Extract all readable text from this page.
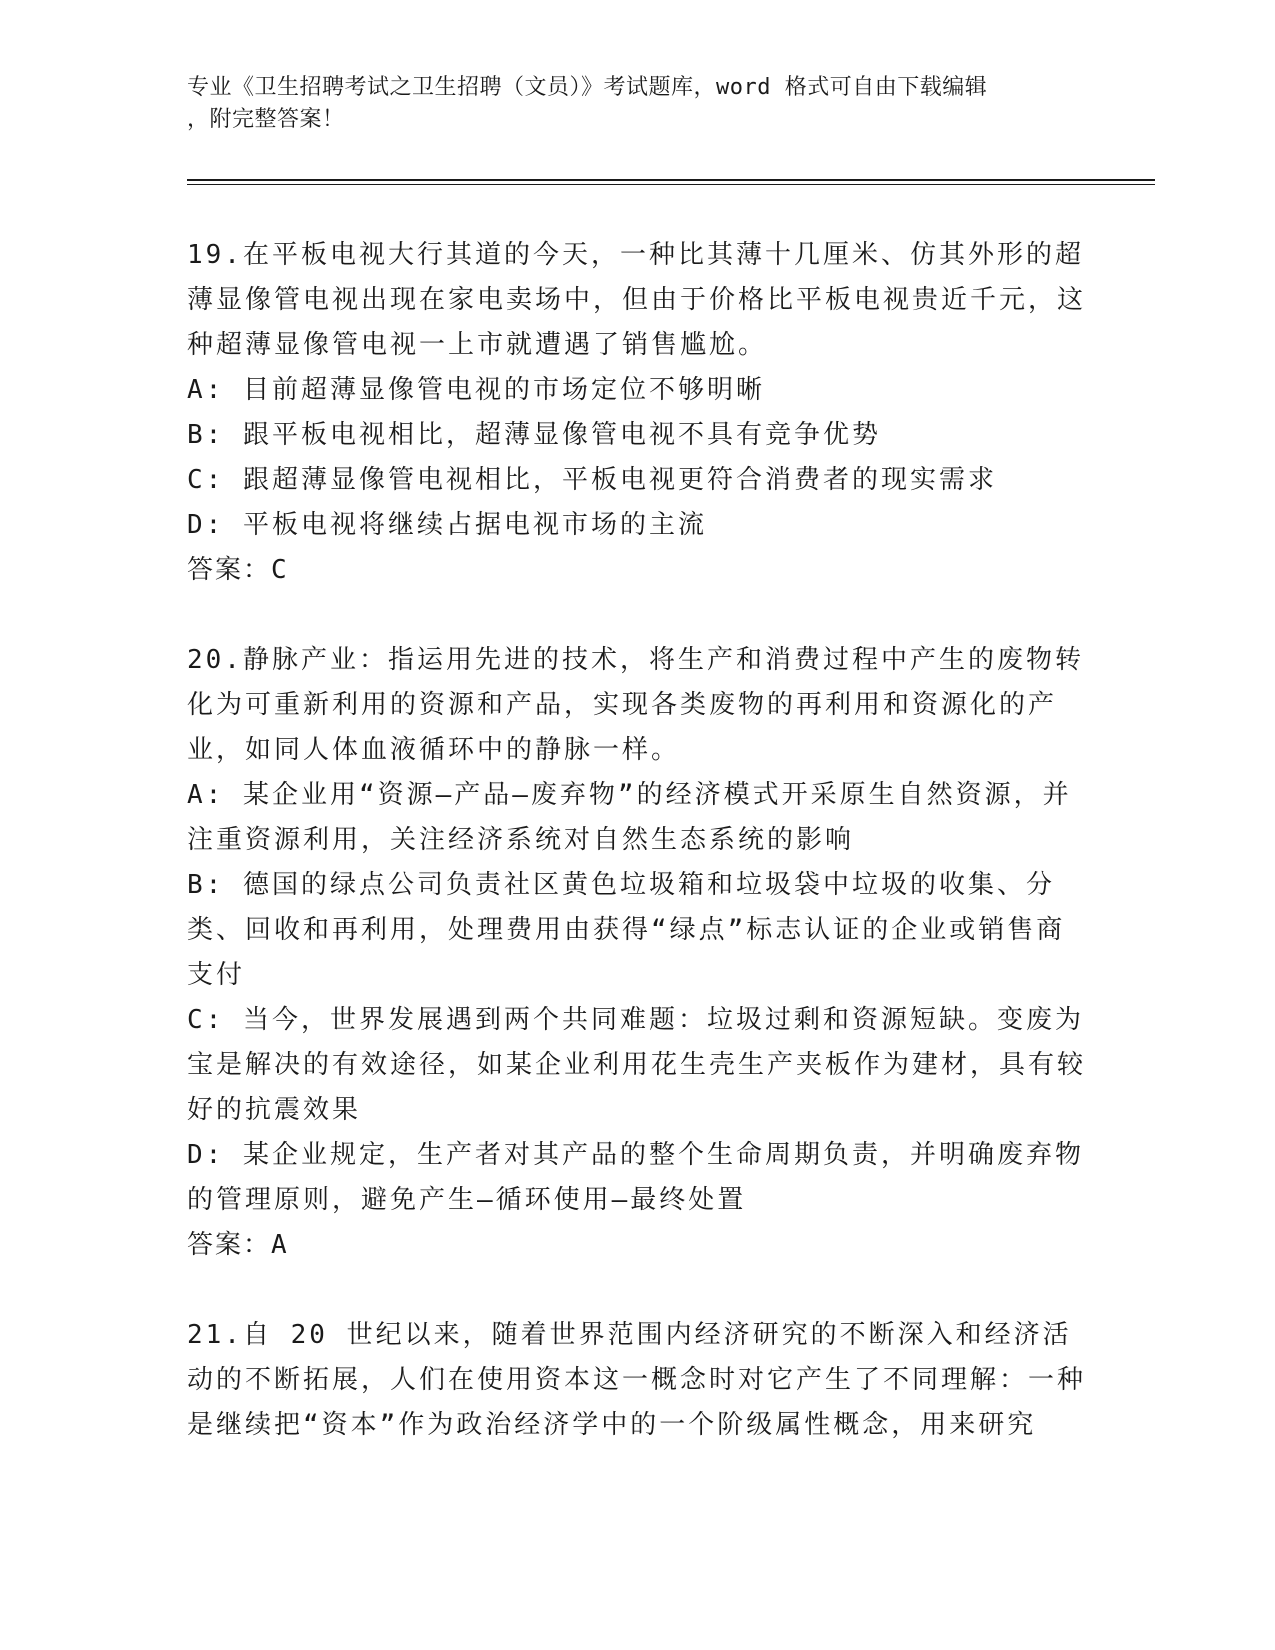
专业《卫生招聘考试之卫生招聘（文员）》考试题库，word 格式可自由下载编辑
，附完整答案！

19.在平板电视大行其道的今天，一种比其薄十几厘米、仿其外形的超薄显像管电视出现在家电卖场中，但由于价格比平板电视贵近千元，这种超薄显像管电视一上市就遭遇了销售尴尬。

A: 目前超薄显像管电视的市场定位不够明晰

B: 跟平板电视相比，超薄显像管电视不具有竞争优势

C: 跟超薄显像管电视相比，平板电视更符合消费者的现实需求

D: 平板电视将继续占据电视市场的主流

答案：C

20.静脉产业：指运用先进的技术，将生产和消费过程中产生的废物转化为可重新利用的资源和产品，实现各类废物的再利用和资源化的产业，如同人体血液循环中的静脉一样。

A: 某企业用“资源—产品—废弃物”的经济模式开采原生自然资源，并注重资源利用，关注经济系统对自然生态系统的影响

B: 德国的绿点公司负责社区黄色垃圾箱和垃圾袋中垃圾的收集、分类、回收和再利用，处理费用由获得“绿点”标志认证的企业或销售商支付

C: 当今，世界发展遇到两个共同难题：垃圾过剩和资源短缺。变废为宝是解决的有效途径，如某企业利用花生壳生产夹板作为建材，具有较好的抗震效果

D: 某企业规定，生产者对其产品的整个生命周期负责，并明确废弃物的管理原则，避免产生—循环使用—最终处置

答案：A

21.自 20 世纪以来，随着世界范围内经济研究的不断深入和经济活动的不断拓展，人们在使用资本这一概念时对它产生了不同理解：一种是继续把“资本”作为政治经济学中的一个阶级属性概念，用来研究
